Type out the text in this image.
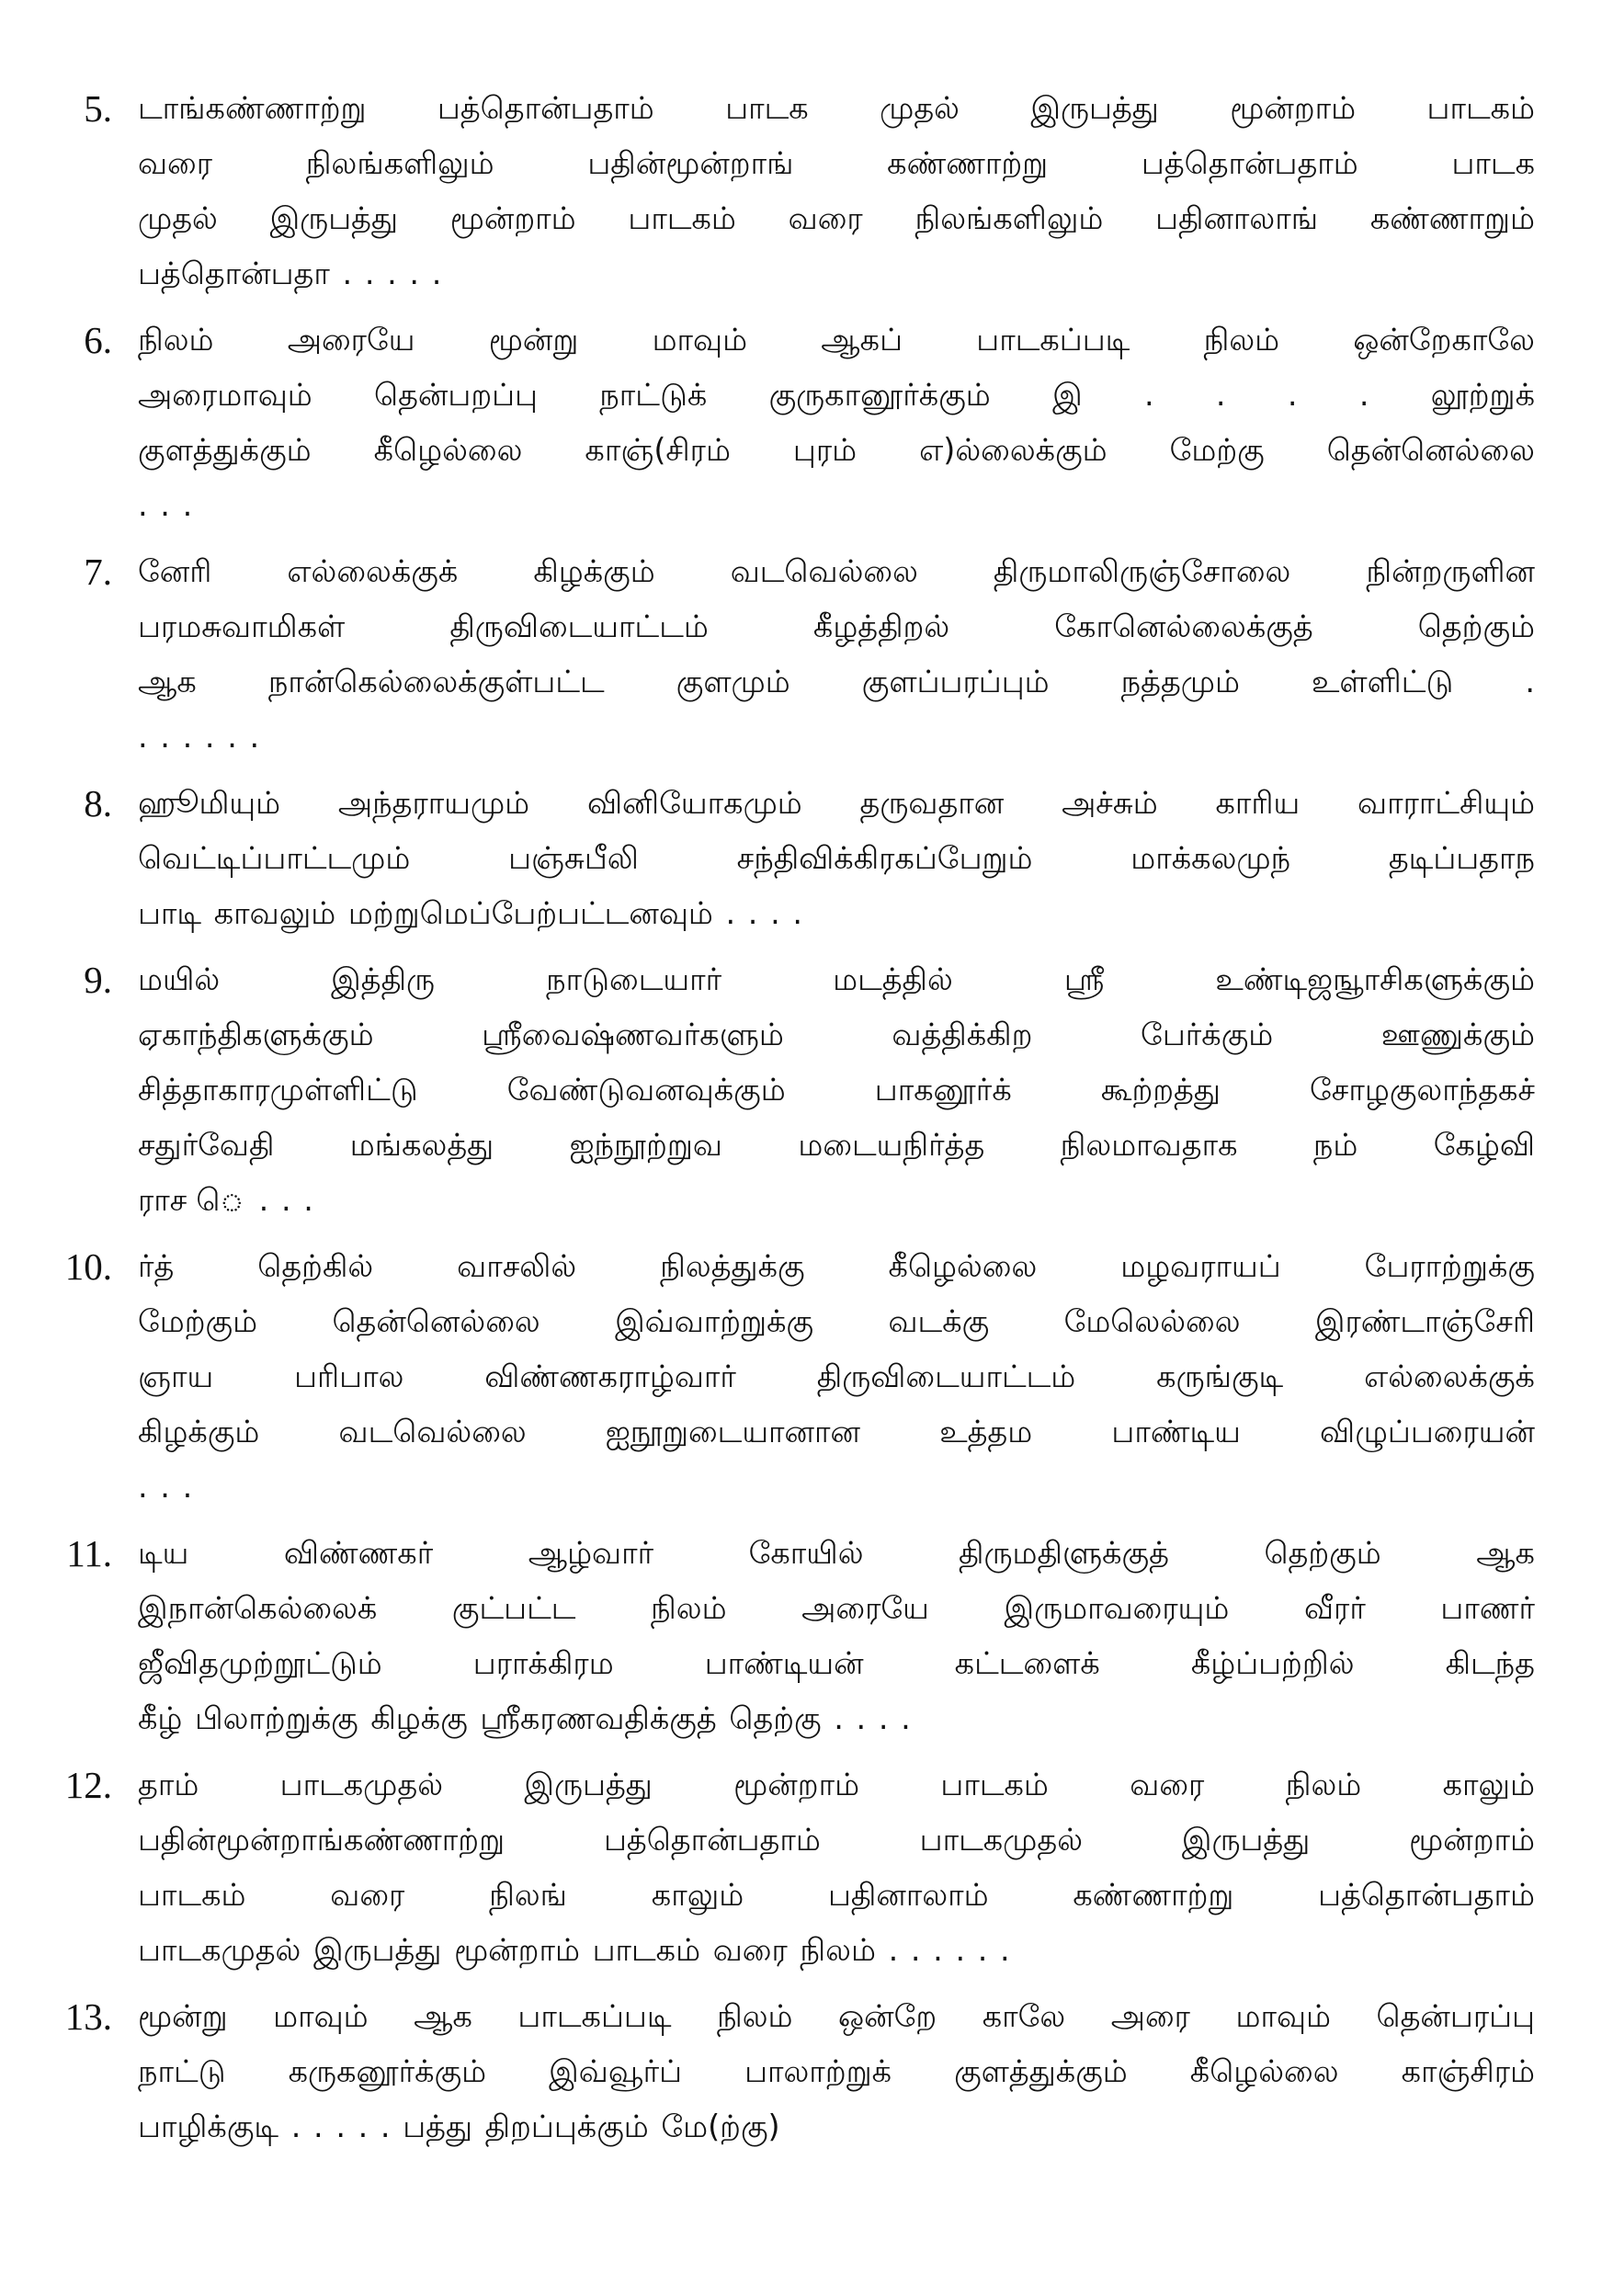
5. டாங்கண்ணாற்று பத்தொன்பதாம் பாடக முதல் இருபத்து மூன்றாம் பாடகம்
வரை நிலங்களிலும் பதின்மூன்றாங் கண்ணாற்று பத்தொன்பதாம் பாடக
முதல் இருபத்து மூன்றாம் பாடகம் வரை நிலங்களிலும் பதினாலாங் கண்ணாறும்
பத்தொன்பதா . . . . .
6. நிலம் அரையே மூன்று மாவும் ஆகப் பாடகப்படி நிலம் ஒன்றேகாலே
அரைமாவும் தென்பறப்பு நாட்டுக் குருகானூர்க்கும் இ . . . . லூற்றுக்
குளத்துக்கும் கீழெல்லை காஞ்(சிரம் புரம் எ)ல்லைக்கும் மேற்கு தென்னெல்லை
. . .
7. னேரி எல்லைக்குக் கிழக்கும் வடவெல்லை திருமாலிருஞ்சோலை நின்றருளின
பரமசுவாமிகள் திருவிடையாட்டம் கீழத்திறல் கோனெல்லைக்குத் தெற்கும்
ஆக நான்கெல்லைக்குள்பட்ட குளமும் குளப்பரப்பும் நத்தமும் உள்ளிட்டு .
. . . . . .
8. ஹூமியும் அந்தராயமும் வினியோகமும் தருவதான அச்சும் காரிய வாராட்சியும்
வெட்டிப்பாட்டமும் பஞ்சுபீலி சந்திவிக்கிரகப்பேறும் மாக்கலமுந் தடிப்பதாந
பாடி காவலும் மற்றுமெப்பேற்பட்டனவும் . . . .
9. மயில் இத்திரு நாடுடையார் மடத்தில் ஸ்ரீ உண்டிஜஙூாசிகளுக்கும்
ஏகாந்திகளுக்கும் ஸ்ரீவைஷ்ணவர்களும் வத்திக்கிற பேர்க்கும் ஊணுக்கும்
சித்தாகாரமுள்ளிட்டு வேண்டுவனவுக்கும் பாகனூர்க் கூற்றத்து சோழகுலாந்தகச்
சதுர்வேதி மங்கலத்து ஐந்நூற்றுவ மடையநிர்த்த நிலமாவதாக நம் கேழ்வி
ராச ெ . . .
10. ர்த் தெற்கில் வாசலில் நிலத்துக்கு கீழெல்லை மழவராயப் பேராற்றுக்கு
மேற்கும் தென்னெல்லை இவ்வாற்றுக்கு வடக்கு மேலெல்லை இரண்டாஞ்சேரி
ஞாய பரிபால விண்ணகராழ்வார் திருவிடையாட்டம் கருங்குடி எல்லைக்குக்
கிழக்கும் வடவெல்லை ஐநூறுடையானான உத்தம பாண்டிய விழுப்பரையன்
. . .
11. டிய விண்ணகர் ஆழ்வார் கோயில் திருமதிளுக்குத் தெற்கும் ஆக
இநான்கெல்லைக் குட்பட்ட நிலம் அரையே இருமாவரையும் வீரர் பாணர்
ஜீவிதமுற்றூட்டும் பராக்கிரம பாண்டியன் கட்டளைக் கீழ்ப்பற்றில் கிடந்த
கீழ் பிலாற்றுக்கு கிழக்கு ஸ்ரீகரணவதிக்குத் தெற்கு . . . .
12. தாம் பாடகமுதல் இருபத்து மூன்றாம் பாடகம் வரை நிலம் காலும்
பதின்மூன்றாங்கண்ணாற்று பத்தொன்பதாம் பாடகமுதல் இருபத்து மூன்றாம்
பாடகம் வரை நிலங் காலும் பதினாலாம் கண்ணாற்று பத்தொன்பதாம்
பாடகமுதல் இருபத்து மூன்றாம் பாடகம் வரை நிலம் . . . . . .
13. மூன்று மாவும் ஆக பாடகப்படி நிலம் ஒன்றே காலே அரை மாவும் தென்பரப்பு
நாட்டு கருகனூர்க்கும் இவ்வூர்ப் பாலாற்றுக் குளத்துக்கும் கீழெல்லை காஞ்சிரம்
பாழிக்குடி . . . . . பத்து திறப்புக்கும் மே(ற்கு)
